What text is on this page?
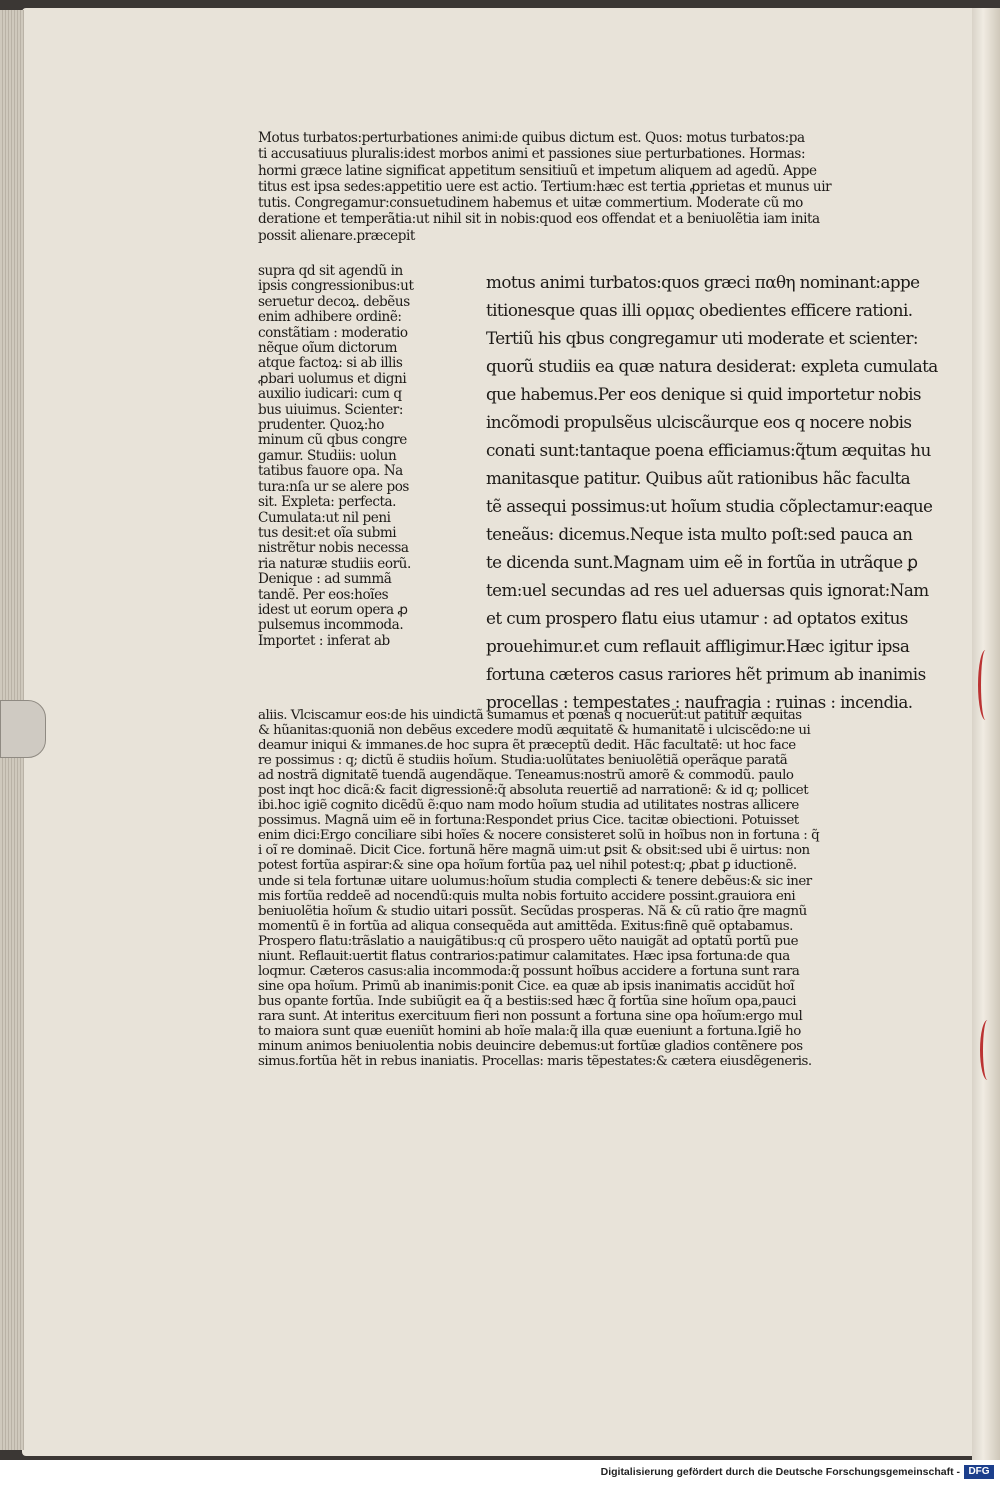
Motus turbatos:perturbationes animi:de quibus dictum est. Quos: motus turbatos:pa
ti accusatiuus pluralis:idest morbos animi et passiones siue perturbationes. Hormas:
hormi græce latine significat appetitum sensitiuũ et impetum aliquem ad agedũ. Appe
titus est ipsa sedes:appetitio uere est actio. Tertium:hæc est tertia ꝓprietas et munus uir
tutis. Congregamur:consuetudinem habemus et uitæ commertium. Moderate cũ mo
deratione et temperãtia:ut nihil sit in nobis:quod eos offendat et a beniuolẽtia iam inita
possit alienare.præcepit
supra qd sit agendũ in
ipsis congressionibus:ut
seruetur decoꝝ. debẽus
enim adhibere ordinẽ:
constãtiam : moderatio
nẽque oĩum dictorum
atque factoꝝ: si ab illis
ꝓbari uolumus et digni
auxilio iudicari: cum q
bus uiuimus. Scienter:
prudenter. Quoꝝ:ho
minum cũ qbus congre
gamur. Studiis: uolun
tatibus fauore opa. Na
tura:nſa ur se alere pos
sit. Expleta: perfecta.
Cumulata:ut nil peni
tus desit:et oĩa submi
nistrẽtur nobis necessa
ria naturæ studiis eorũ.
Denique : ad summã
tandẽ. Per eos:hoĩes
idest ut eorum opera ꝓ
pulsemus incommoda.
Importet : inferat ab
motus animi turbatos:quos græci παθη nominant:appe
titionesque quas illi ορμας obedientes efficere rationi.
Tertiũ his qbus congregamur uti moderate et scienter:
quorũ studiis ea quæ natura desiderat: expleta cumulata
que habemus.Per eos denique si quid importetur nobis
incõmodi propulsẽus ulciscãurque eos q nocere nobis
conati sunt:tantaque poena efficiamus:q̃tum æquitas hu
manitasque patitur. Quibus aũt rationibus hãc faculta
tẽ assequi possimus:ut hoĩum studia cõplectamur:eaque
teneãus: dicemus.Neque ista multo poſt:sed pauca an
te dicenda sunt.Magnam uim eẽ in fortũa in utrãque ꝑ
tem:uel secundas ad res uel aduersas quis ignorat:Nam
et cum prospero flatu eius utamur : ad optatos exitus
prouehimur.et cum reflauit affligimur.Hæc igitur ipsa
fortuna cæteros casus rariores hẽt primum ab inanimis
procellas : tempestates : naufragia : ruinas : incendia.
aliis. Vlciscamur eos:de his uindictã sumamus et pœnas q nocuerũt:ut patitur æquitas
& hũanitas:quoniã non debẽus excedere modũ æquitatẽ & humanitatẽ i ulciscẽdo:ne ui
deamur iniqui & immanes.de hoc supra ẽt præceptũ dedit. Hãc facultatẽ: ut hoc face
re possimus : q; dictũ ẽ studiis hoĩum. Studia:uolũtates beniuolẽtiã operãque paratã
ad nostrã dignitatẽ tuendã augendãque. Teneamus:nostrũ amorẽ & commodũ. paulo
post inqt hoc dicã:& facit digressionẽ:q̃ absoluta reuertiẽ ad narrationẽ: & id q; pollicet
ibi.hoc igiẽ cognito dicẽdũ ẽ:quo nam modo hoĩum studia ad utilitates nostras allicere
possimus. Magnã uim eẽ in fortuna:Respondet prius Cice. tacitæ obiectioni. Potuisset
enim dici:Ergo conciliare sibi hoĩes & nocere consisteret solũ in hoĩbus non in fortuna : q̃
i oĩ re dominaẽ. Dicit Cice. fortunã hẽre magnã uim:ut ꝑsit & obsit:sed ubi ẽ uirtus: non
potest fortũa aspirar:& sine opa hoĩum fortũa paꝝ uel nihil potest:q; ꝓbat ꝑ iductionẽ.
unde si tela fortunæ uitare uolumus:hoĩum studia complecti & tenere debẽus:& sic iner
mis fortũa reddeẽ ad nocendũ:quis multa nobis fortuito accidere possint.grauiora eni
beniuolẽtia hoĩum & studio uitari possũt. Secũdas prosperas. Nã & cũ ratio q̃re magnũ
momentũ ẽ in fortũa ad aliqua consequẽda aut amittẽda. Exitus:finẽ quẽ optabamus.
Prospero flatu:trãslatio a nauigãtibus:q cũ prospero uẽto nauigãt ad optatũ portũ pue
niunt. Reflauit:uertit flatus contrarios:patimur calamitates. Hæc ipsa fortuna:de qua
loqmur. Cæteros casus:alia incommoda:q̃ possunt hoĩbus accidere a fortuna sunt rara
sine opa hoĩum. Primũ ab inanimis:ponit Cice. ea quæ ab ipsis inanimatis accidũt hoĩ
bus opante fortũa. Inde subiũgit ea q̃ a bestiis:sed hæc q̃ fortũa sine hoĩum opa,pauci
rara sunt. At interitus exercituum fieri non possunt a fortuna sine opa hoĩum:ergo mul
to maiora sunt quæ eueniũt homini ab hoĩe mala:q̃ illa quæ eueniunt a fortuna.Igiẽ ho
minum animos beniuolentia nobis deuincire debemus:ut fortũæ gladios contẽnere pos
simus.fortũa hẽt in rebus inaniatis. Procellas: maris tẽpestates:& cætera eiusdẽgeneris.
Digitalisierung gefördert durch die Deutsche Forschungsgemeinschaft - DFG
